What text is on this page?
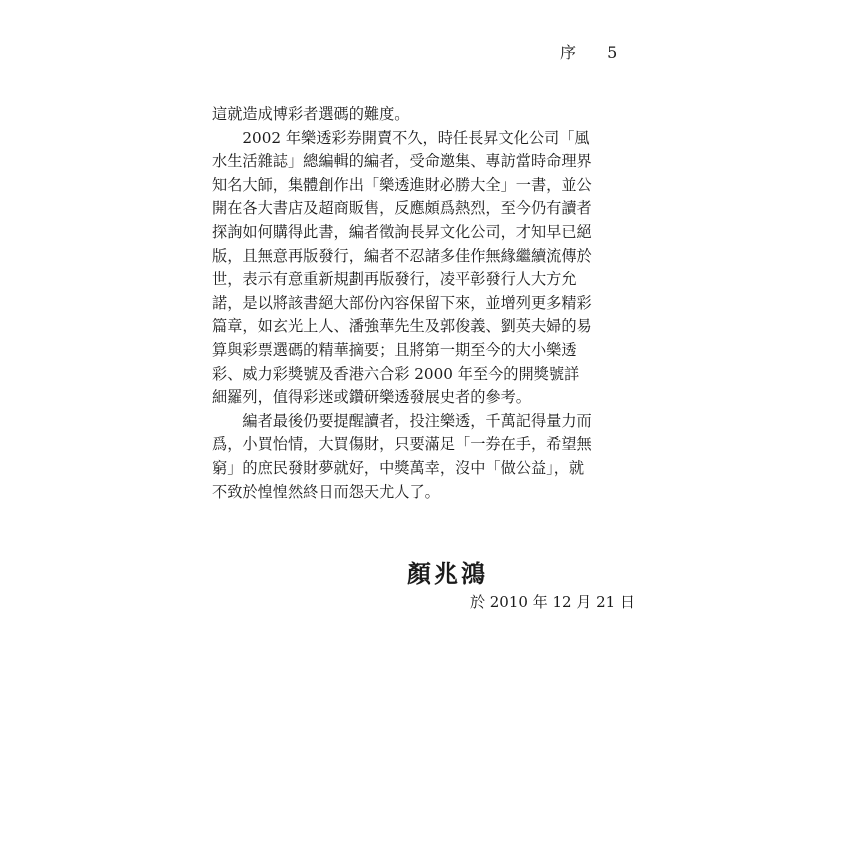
序 5
這就造成博彩者選碼的難度。
　　2002 年樂透彩券開賣不久，時任長昇文化公司「風
水生活雜誌」總編輯的編者，受命邀集、專訪當時命理界
知名大師，集體創作出「樂透進財必勝大全」一書，並公
開在各大書店及超商販售，反應頗爲熱烈，至今仍有讀者
探詢如何購得此書，編者徵詢長昇文化公司，才知早已絕
版，且無意再版發行，編者不忍諸多佳作無緣繼續流傳於
世，表示有意重新規劃再版發行，凌平彰發行人大方允
諾，是以將該書絕大部份內容保留下來，並增列更多精彩
篇章，如玄光上人、潘強華先生及郭俊義、劉英夫婦的易
算與彩票選碼的精華摘要；且將第一期至今的大小樂透
彩、威力彩獎號及香港六合彩 2000 年至今的開獎號詳
細羅列，值得彩迷或鑽研樂透發展史者的參考。
　　編者最後仍要提醒讀者，投注樂透，千萬記得量力而
爲，小買怡情，大買傷財，只要滿足「一券在手，希望無
窮」的庶民發財夢就好，中獎萬幸，沒中「做公益」，就
不致於惶惶然終日而怨天尤人了。
顏兆鴻
於 2010 年 12 月 21 日
